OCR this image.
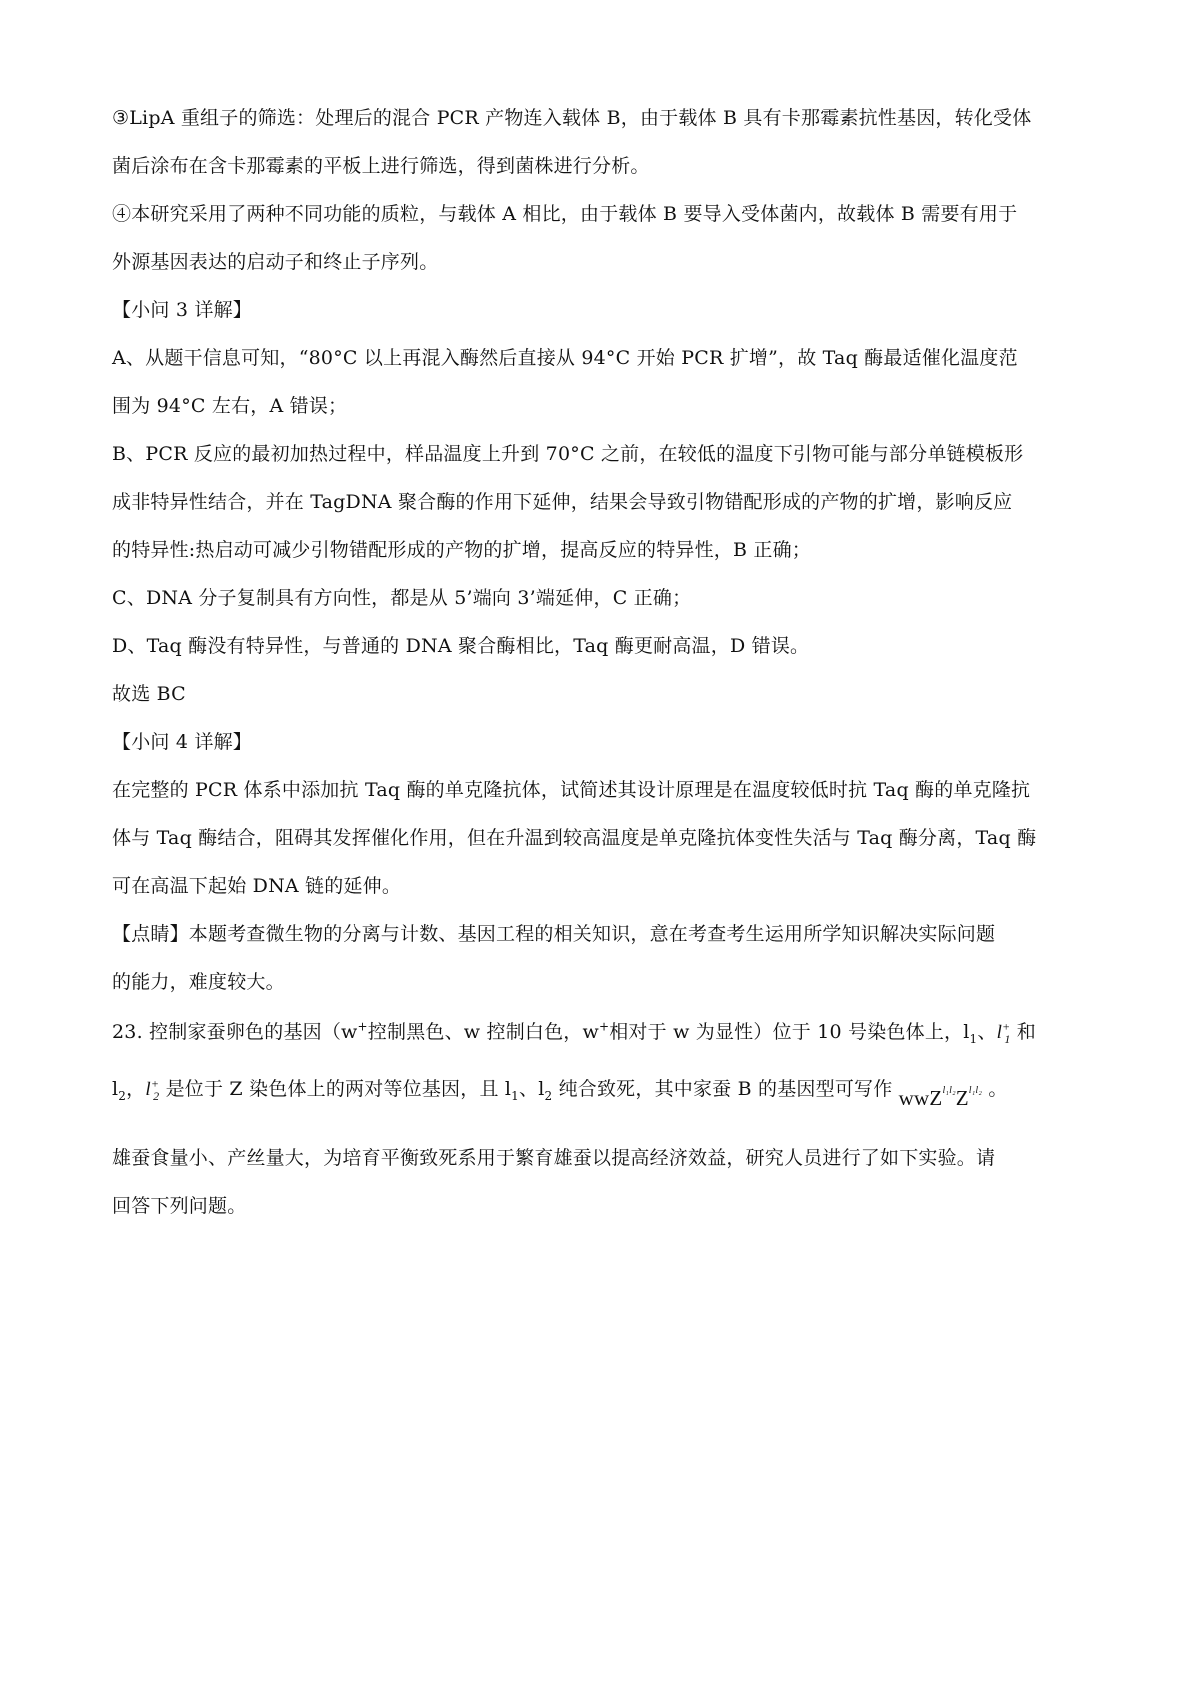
③LipA 重组子的筛选：处理后的混合 PCR 产物连入载体 B，由于载体 B 具有卡那霉素抗性基因，转化受体

菌后涂布在含卡那霉素的平板上进行筛选，得到菌株进行分析。

④本研究采用了两种不同功能的质粒，与载体 A 相比，由于载体 B 要导入受体菌内，故载体 B 需要有用于

外源基因表达的启动子和终止子序列。

【小问 3 详解】

A、从题干信息可知，“80°C 以上再混入酶然后直接从 94°C 开始 PCR 扩增”，故 Taq 酶最适催化温度范

围为 94°C 左右，A 错误；

B、PCR 反应的最初加热过程中，样品温度上升到 70°C 之前，在较低的温度下引物可能与部分单链模板形

成非特异性结合，并在 TagDNA 聚合酶的作用下延伸，结果会导致引物错配形成的产物的扩增，影响反应

的特异性:热启动可减少引物错配形成的产物的扩增，提高反应的特异性，B 正确；

C、DNA 分子复制具有方向性，都是从 5’端向 3’端延伸，C 正确；

D、Taq 酶没有特异性，与普通的 DNA 聚合酶相比，Taq 酶更耐高温，D 错误。

故选 BC

【小问 4 详解】

在完整的 PCR 体系中添加抗 Taq 酶的单克隆抗体，试简述其设计原理是在温度较低时抗 Taq 酶的单克隆抗

体与 Taq 酶结合，阻碍其发挥催化作用，但在升温到较高温度是单克隆抗体变性失活与 Taq 酶分离，Taq 酶

可在高温下起始 DNA 链的延伸。

【点睛】本题考查微生物的分离与计数、基因工程的相关知识，意在考查考生运用所学知识解决实际问题

的能力，难度较大。

23. 控制家蚕卵色的基因（w+控制黑色、w 控制白色，w+相对于 w 为显性）位于 10 号染色体上，$l_1$、$l^+_1$ 和

$l_2$，$l^+_2$ 是位于 Z 染色体上的两对等位基因，且 $l_1$、$l_2$ 纯合致死，其中家蚕 B 的基因型可写作 $wwZ^{l_1l_2}Z^{l_1l_2}$ 。

雄蚕食量小、产丝量大，为培育平衡致死系用于繁育雄蚕以提高经济效益，研究人员进行了如下实验。请

回答下列问题。
